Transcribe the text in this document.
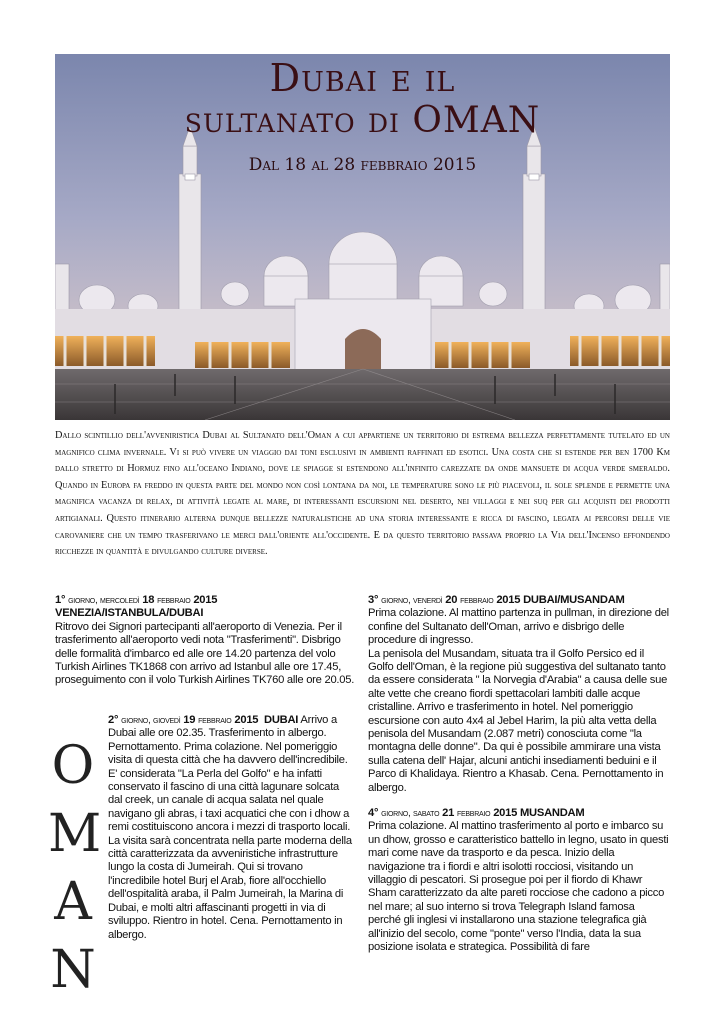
Dubai e il
sultanato di OMAN
Dal 18 al 28 febbraio 2015
Dallo scintillio dell'avveniristica Dubai al Sultanato dell'Oman a cui appartiene un territorio di estrema bellezza perfettamente tutelato ed un magnifico clima invernale. Vi si può vivere un viaggio dai toni esclusivi in ambienti raffinati ed esotici. Una costa che si estende per ben 1700 Km dallo stretto di Hormuz fino all'oceano Indiano, dove le spiagge si estendono all'infinito carezzate da onde mansuete di acqua verde smeraldo. Quando in Europa fa freddo in questa parte del mondo non così lontana da noi, le temperature sono le più piacevoli, il sole splende e permette una magnifica vacanza di relax, di attività legate al mare, di interessanti escursioni nel deserto, nei villaggi e nei suq per gli acquisti dei prodotti artigianali. Questo itinerario alterna dunque bellezze naturalistiche ad una storia interessante e ricca di fascino, legata ai percorsi delle vie carovaniere che un tempo trasferivano le merci dall'oriente all'occidente. E da questo territorio passava proprio la Via dell'Incenso effondendo ricchezze in quantità e divulgando culture diverse.

1° giorno, mercoledì 18 febbraio 2015

VENEZIA/ISTANBULA/DUBAI

Ritrovo dei Signori partecipanti all'aeroporto di Venezia. Per il trasferimento all'aeroporto vedi nota "Trasferimenti". Disbrigo delle formalità d'imbarco ed alle ore 14.20 partenza del volo Turkish Airlines TK1868 con arrivo ad Istanbul alle ore 17.45, proseguimento con il volo Turkish Airlines TK760 alle ore 20.05.

O
M
A
N

2° giorno, giovedì 19 febbraio 2015 DUBAI Arrivo a Dubai alle ore 02.35. Trasferimento in albergo. Pernottamento. Prima colazione. Nel pomeriggio visita di questa città che ha davvero dell'incredibile. E' considerata "La Perla del Golfo" e ha infatti conservato il fascino di una città lagunare solcata dal creek, un canale di acqua salata nel quale navigano gli abras, i taxi acquatici che con i dhow a remi costituiscono ancora i mezzi di trasporto locali. La visita sarà concentrata nella parte moderna della città caratterizzata da avveniristiche infrastrutture lungo la costa di Jumeirah. Qui si trovano l'incredibile hotel Burj el Arab, fiore all'occhiello dell'ospitalità araba, il Palm Jumeirah, la Marina di Dubai, e molti altri affascinanti progetti in via di sviluppo. Rientro in hotel. Cena. Pernottamento in albergo.

3° giorno, venerdì 20 febbraio 2015 DUBAI/MUSANDAM

Prima colazione. Al mattino partenza in pullman, in direzione del confine del Sultanato dell'Oman, arrivo e disbrigo delle procedure di ingresso.

La penisola del Musandam, situata tra il Golfo Persico ed il Golfo dell'Oman, è la regione più suggestiva del sultanato tanto da essere considerata " la Norvegia d'Arabia" a causa delle sue alte vette che creano fiordi spettacolari lambiti dalle acque cristalline. Arrivo e trasferimento in hotel. Nel pomeriggio escursione con auto 4x4 al Jebel Harim, la più alta vetta della penisola del Musandam (2.087 metri) conosciuta come "la montagna delle donne". Da qui è possibile ammirare una vista sulla catena dell' Hajar, alcuni antichi insediamenti beduini e il Parco di Khalidaya. Rientro a Khasab. Cena. Pernottamento in albergo.

4° giorno, sabato 21 febbraio 2015 MUSANDAM

Prima colazione. Al mattino trasferimento al porto e imbarco su un dhow, grosso e caratteristico battello in legno, usato in questi mari come nave da trasporto e da pesca. Inizio della navigazione tra i fiordi e altri isolotti rocciosi, visitando un villaggio di pescatori. Si prosegue poi per il fiordo di Khawr Sham caratterizzato da alte pareti rocciose che cadono a picco nel mare; al suo interno si trova Telegraph Island famosa perché gli inglesi vi installarono una stazione telegrafica già all'inizio del secolo, come "ponte" verso l'India, data la sua posizione isolata e strategica. Possibilità di fare
